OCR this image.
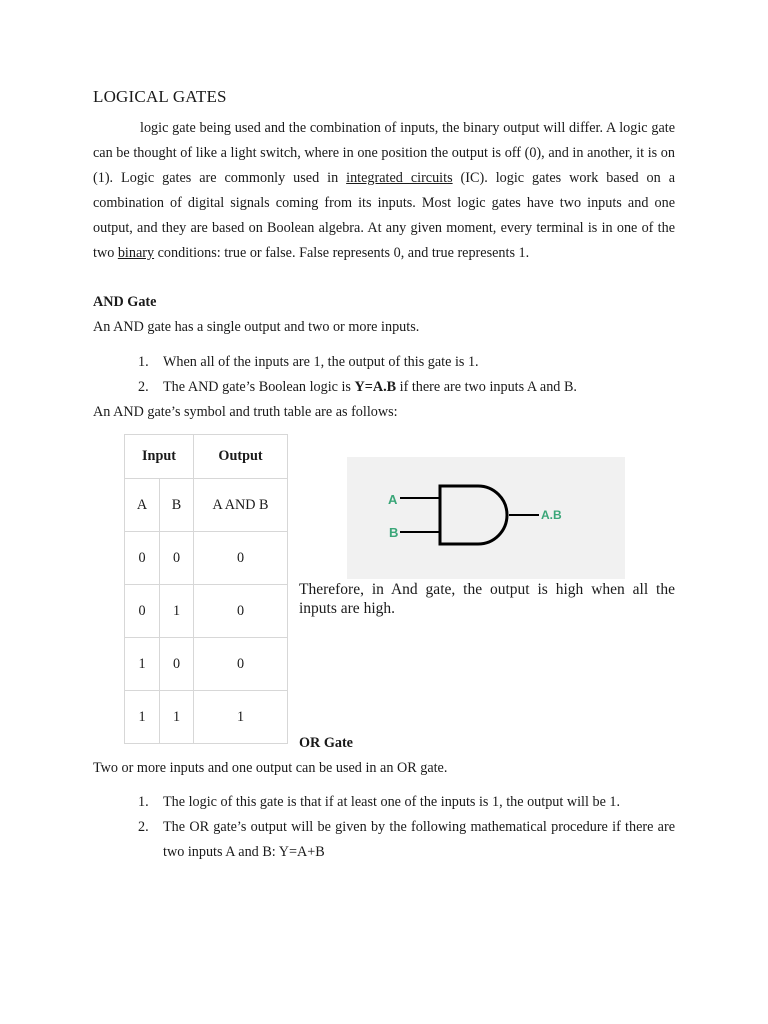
LOGICAL GATES

logic gate being used and the combination of inputs, the binary output will differ. A logic gate can be thought of like a light switch, where in one position the output is off (0), and in another, it is on (1). Logic gates are commonly used in integrated circuits (IC). logic gates work based on a combination of digital signals coming from its inputs. Most logic gates have two inputs and one output, and they are based on Boolean algebra. At any given moment, every terminal is in one of the two binary conditions: true or false. False represents 0, and true represents 1.

AND Gate
An AND gate has a single output and two or more inputs.
1. When all of the inputs are 1, the output of this gate is 1.
2. The AND gate’s Boolean logic is Y=A.B if there are two inputs A and B.
An AND gate’s symbol and truth table are as follows:
Input		Output
A	B	A AND B
0	0	0
0	1	0
1	0	0
1	1	1
A
B
A.B
Therefore, in And gate, the output is high when all the inputs are high.
OR Gate
Two or more inputs and one output can be used in an OR gate.
1. The logic of this gate is that if at least one of the inputs is 1, the output will be 1.
2. The OR gate’s output will be given by the following mathematical procedure if there are two inputs A and B: Y=A+B
